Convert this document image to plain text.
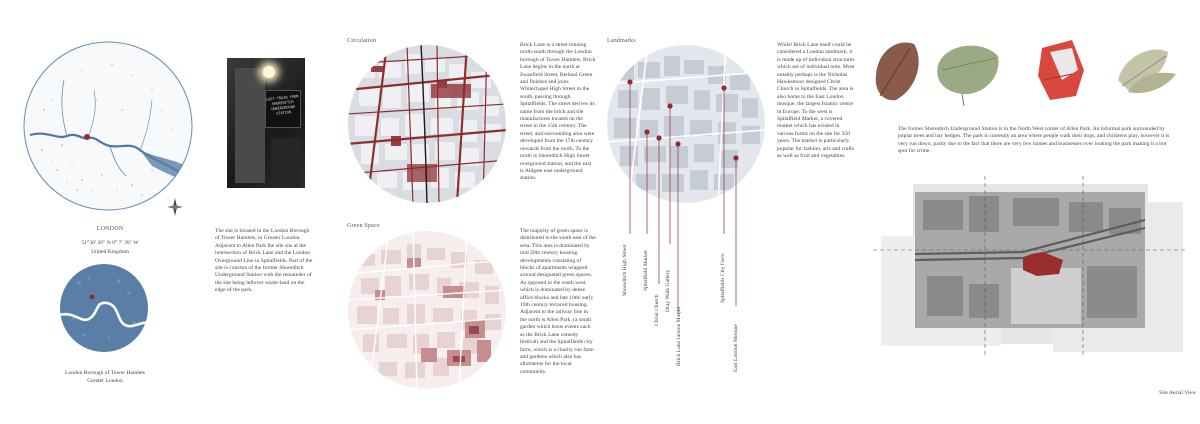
LONDON
51°30′ 26″ N 0° 7′ 39″ W
United Kingdom
London Borough of Tower Hamlets
Greater London
LAST TRAIN FROM
SHOREDITCH
UNDERGROUND
STATION
The site is located in the London Borough of Tower Hamlets, in Greater London. Adjacent to Allen Park the site sits at the intersection of Brick Lane and the London Overground Line in Spitalfields. Part of the site is consists of the former Shoreditch Underground Station with the remainder of the site being leftover waste-land on the edge of the park.
Circulation
Brick Lane is a street running north-south through the London borough of Tower Hamlets. Brick Lane begins in the north at Swanfield Street, Bethnal Green and finishes and joins Whitechapel High Street in the south, passing through Spitalfields. The street derives its name from the brick and tile manufactures located on the street in the 15th century. The street, and surrounding area were developed from the 17th century onwards from the north. To the north is Shoreditch High Street overground station, and the east is Aldgate east underground station.
Green Space
The majority of green space is distributed to the south east of the area. This area is dominated by mid 20th century housing developments consisting of blocks of apartments wrapped around designated green spaces. As opposed to the south west which is dominated by dense office blocks and late 18th/ early 19th century terraced housing. Adjacent to the railway line in the north is Allen Park, (a small garden which hosts events such as the Brick Lane comedy festival) and the Spitalfields city farm, which is a charity run farm and gardens which also has allotments for the local community.
Landmarks
Shoreditch High Street	Spitalfield Market
Christ Church Dray Walk Gallery
Brick Lane Jamme Masjid
Spitalfields City Farm
East London Mosque
Whilst Brick Lane itself could be considered a London landmark, it is made up of individual structures which are of individual note. Most notably perhaps is the Nicholas Hawksmoor designed Christ Church in Spitalfields. The area is also home to the East London mosque, the largest Islamic centre in Europe. To the west is Spitalfield Market, a covered market which has existed in various forms on the site for 350 years. The market is particularly popular for fashion, arts and crafts as well as fruit and vegetables.
The former Shoreditch Underground Station is in the North West corner of Allen Park. An informal park surrounded by poplar trees and bay hedges. The park is currently an area where people walk their dogs, and childrens play, however it is very run down, partly due to the fact that there are very few homes and businesses over looking the park making it a hot spot for crime.
Site Aerial View
